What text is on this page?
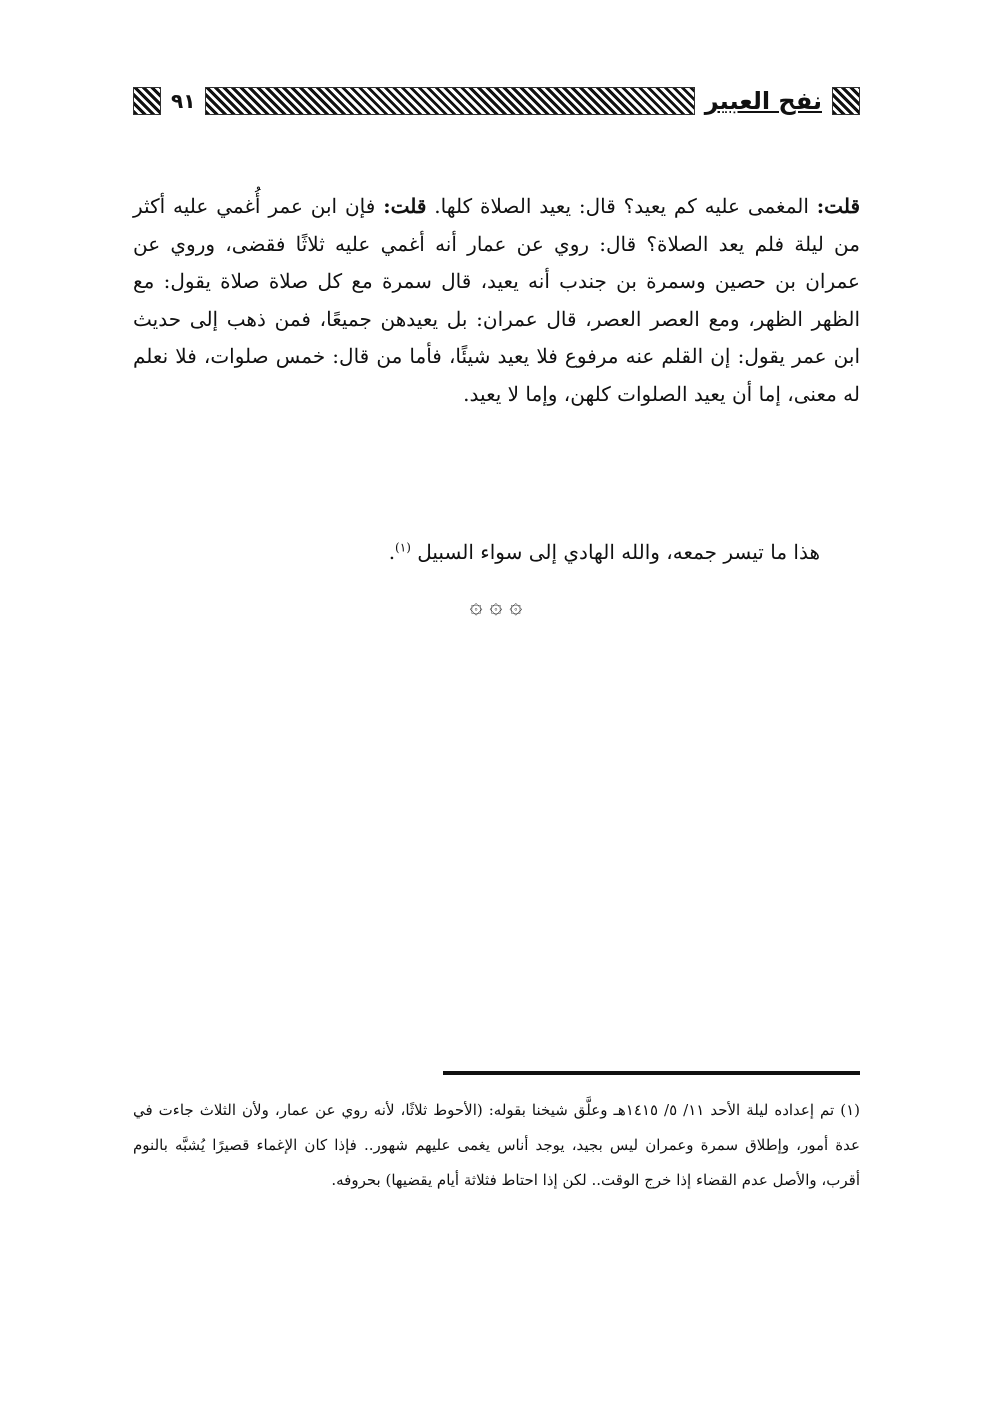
نفح العبير
٩١
قلت: المغمى عليه كم يعيد؟ قال: يعيد الصلاة كلها. قلت: فإن ابن عمر أُغمي عليه أكثر من ليلة فلم يعد الصلاة؟ قال: روي عن عمار أنه أغمي عليه ثلاثًا فقضى، وروي عن عمران بن حصين وسمرة بن جندب أنه يعيد، قال سمرة مع كل صلاة صلاة يقول: مع الظهر الظهر، ومع العصر العصر، قال عمران: بل يعيدهن جميعًا، فمن ذهب إلى حديث ابن عمر يقول: إن القلم عنه مرفوع فلا يعيد شيئًا، فأما من قال: خمس صلوات، فلا نعلم له معنى، إما أن يعيد الصلوات كلهن، وإما لا يعيد.
هذا ما تيسر جمعه، والله الهادي إلى سواء السبيل $^{(١)}$.
۞ ۞ ۞
(١) تم إعداده ليلة الأحد ١١/ ٥/ ١٤١٥هـ وعلَّق شيخنا بقوله: (الأحوط ثلاثًا، لأنه روي عن عمار، ولأن الثلاث جاءت في عدة أمور، وإطلاق سمرة وعمران ليس بجيد، يوجد أناس يغمى عليهم شهور.. فإذا كان الإغماء قصيرًا يُشبَّه بالنوم أقرب، والأصل عدم القضاء إذا خرج الوقت.. لكن إذا احتاط فثلاثة أيام يقضيها) بحروفه.
